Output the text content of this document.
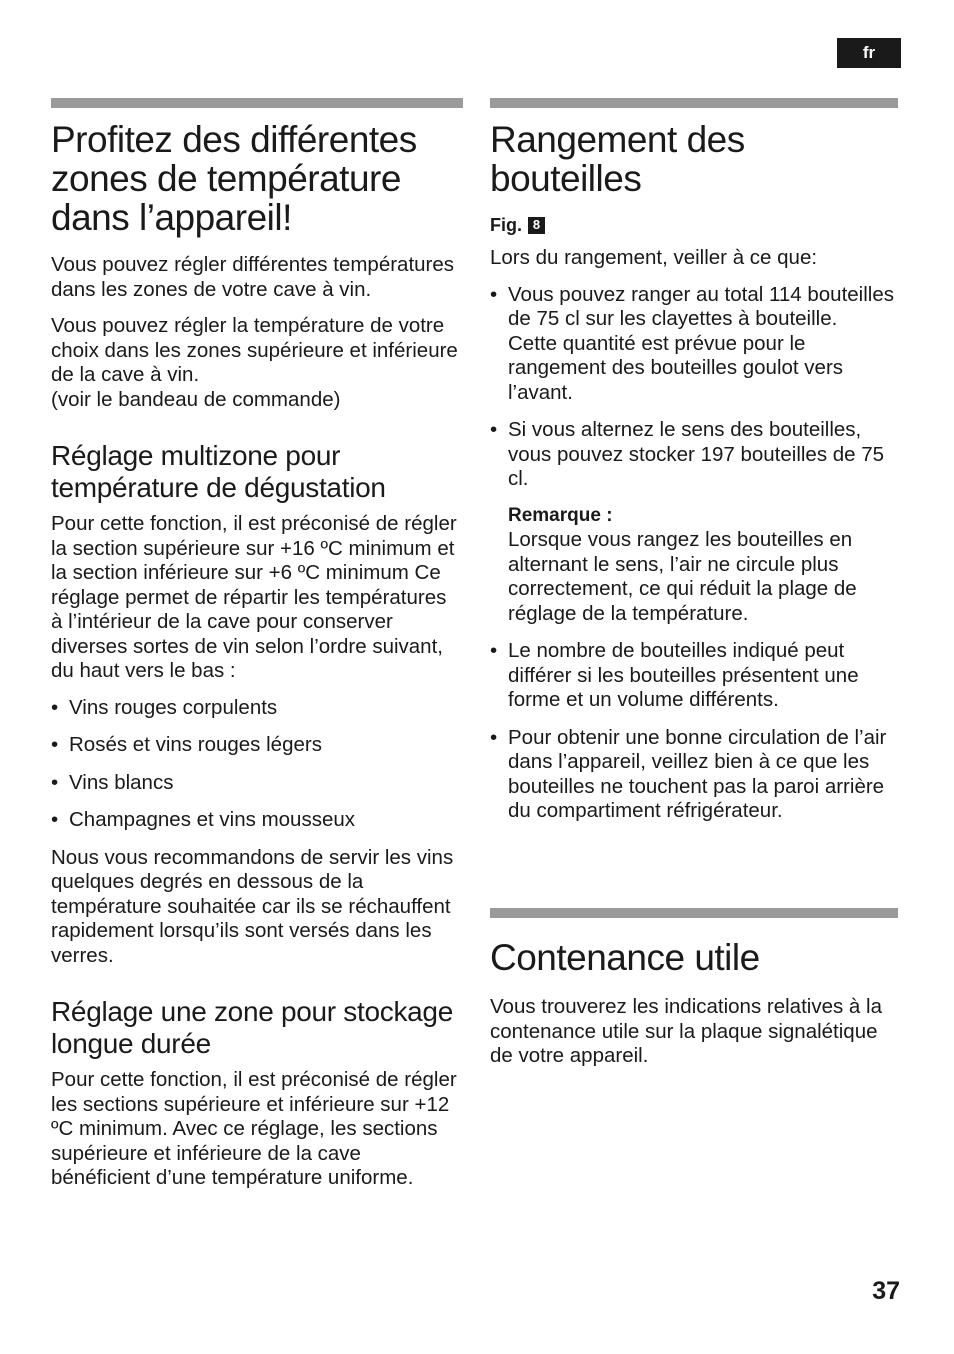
fr
Profitez des différentes zones de température dans l’appareil!

Vous pouvez régler différentes températures dans les zones de votre cave à vin.

Vous pouvez régler la température de votre choix dans les zones supérieure et inférieure de la cave à vin.
(voir le bandeau de commande)

Réglage multizone pour température de dégustation

Pour cette fonction, il est préconisé de régler la section supérieure sur +16 ºC minimum et la section inférieure sur +6 ºC minimum Ce réglage permet de répartir les températures à l’intérieur de la cave pour conserver diverses sortes de vin selon l’ordre suivant, du haut vers le bas :

• Vins rouges corpulents
• Rosés et vins rouges légers
• Vins blancs
• Champagnes et vins mousseux

Nous vous recommandons de servir les vins quelques degrés en dessous de la température souhaitée car ils se réchauffent rapidement lorsqu’ils sont versés dans les verres.

Réglage une zone pour stockage longue durée

Pour cette fonction, il est préconisé de régler les sections supérieure et inférieure sur +12 ºC minimum. Avec ce réglage, les sections supérieure et inférieure de la cave bénéficient d’une température uniforme.

Rangement des bouteilles
Fig. 8

Lors du rangement, veiller à ce que:

• Vous pouvez ranger au total 114 bouteilles de 75 cl sur les clayettes à bouteille.
Cette quantité est prévue pour le rangement des bouteilles goulot vers l’avant.
• Si vous alternez le sens des bouteilles, vous pouvez stocker 197 bouteilles de 75 cl.
Remarque :
Lorsque vous rangez les bouteilles en alternant le sens, l’air ne circule plus correctement, ce qui réduit la plage de réglage de la température.
• Le nombre de bouteilles indiqué peut différer si les bouteilles présentent une forme et un volume différents.
• Pour obtenir une bonne circulation de l’air dans l’appareil, veillez bien à ce que les bouteilles ne touchent pas la paroi arrière du compartiment réfrigérateur.
Contenance utile

Vous trouverez les indications relatives à la contenance utile sur la plaque signalétique de votre appareil.

37
